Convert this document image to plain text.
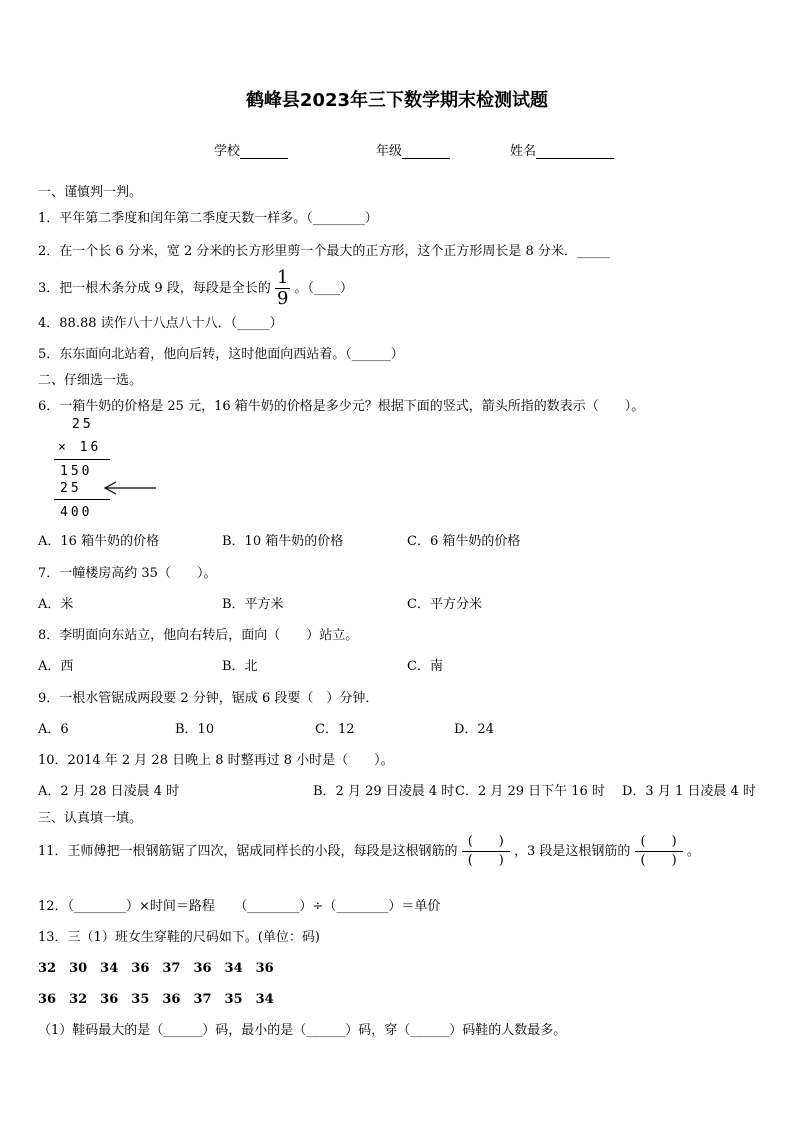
鹤峰县2023年三下数学期末检测试题
学校	年级	姓名
一、谨慎判一判。
1．平年第二季度和闰年第二季度天数一样多。（________）
2．在一个长 6 分米，宽 2 分米的长方形里剪一个最大的正方形，这个正方形周长是 8 分米．_____
3．把一根木条分成 9 段，每段是全长的 $\frac{1}{9}$ 。（____）
4．88.88 读作八十八点八十八．（_____）
5．东东面向北站着，他向后转，这时他面向西站着。（______）
二、仔细选一选。
6．一箱牛奶的价格是 25 元，16 箱牛奶的价格是多少元？根据下面的竖式，箭头所指的数表示（　　）。
25
× 16
150
25
400
A．16 箱牛奶的价格	B．10 箱牛奶的价格	C．6 箱牛奶的价格
7．一幢楼房高约 35（　　）。
A．米	B．平方米	C．平方分米
8．李明面向东站立，他向右转后，面向（　　）站立。
A．西	B．北	C．南
9．一根水管锯成两段要 2 分钟，锯成 6 段要（　）分钟．
A．6	B．10	C．12	D．24
10．2014 年 2 月 28 日晚上 8 时整再过 8 小时是（　　）。
A．2 月 28 日凌晨 4 时	B．2 月 29 日凌晨 4 时 C．2 月 29 日下午 16 时 D．3 月 1 日凌晨 4 时
三、认真填一填。
11．王师傅把一根钢筋锯了四次，锯成同样长的小段，每段是这根钢筋的 $\frac{( )}{( )}$ ，3 段是这根钢筋的 $\frac{( )}{( )}$ 。
12．（________）×时间＝路程　　（________）÷（________）＝单价
13．三（1）班女生穿鞋的尺码如下。(单位：码)
32　30　34　36　37　36　34　36
36　32　36　35　36　37　35　34
（1）鞋码最大的是（______）码，最小的是（______）码，穿（______）码鞋的人数最多。
